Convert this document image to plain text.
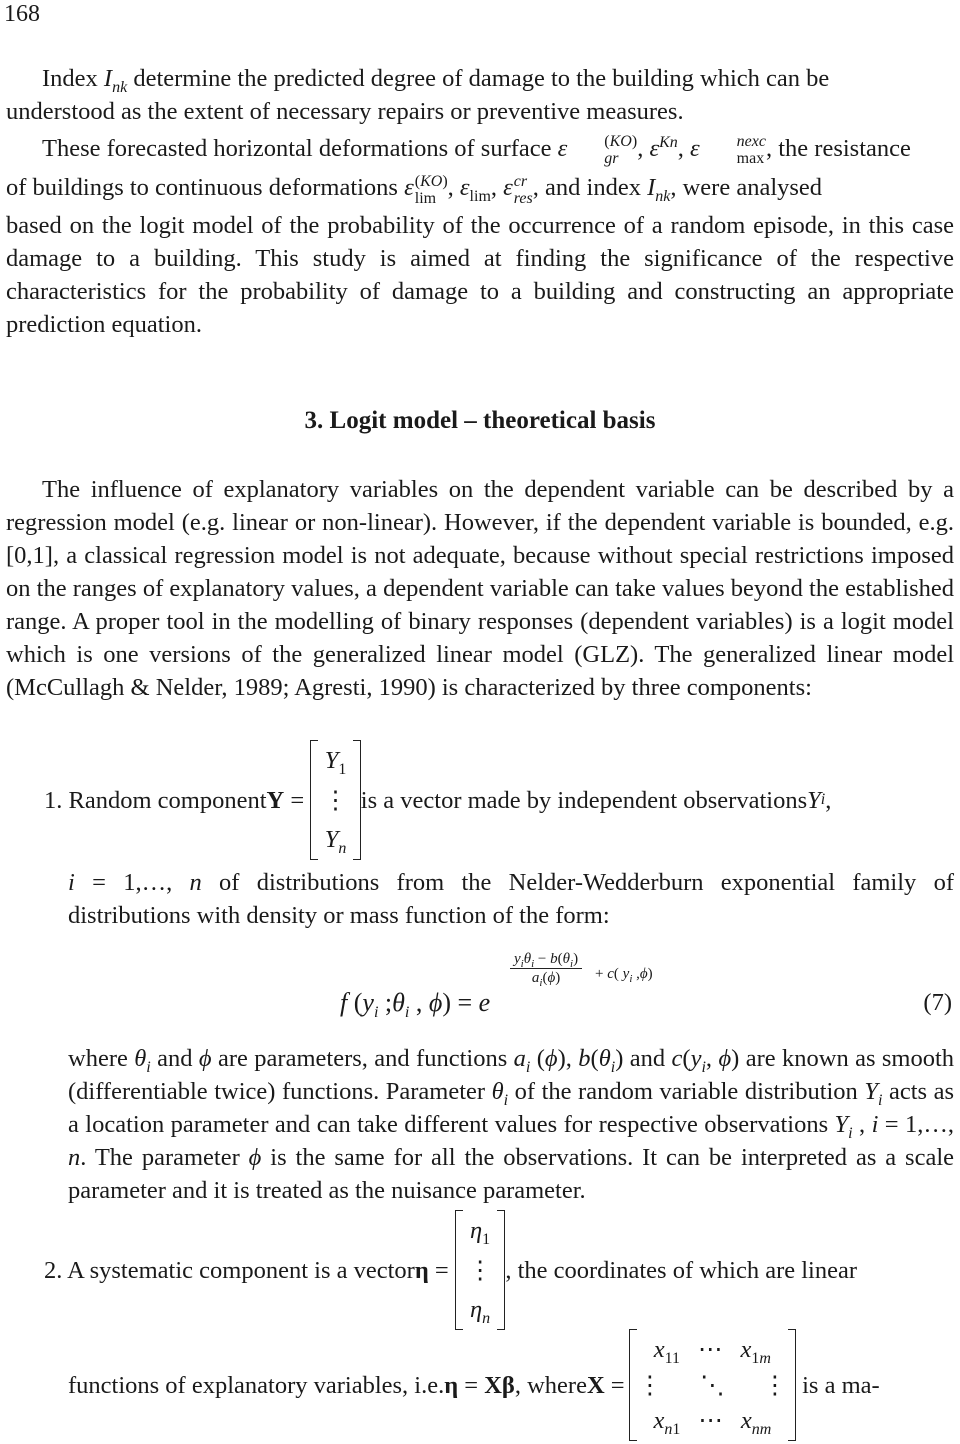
168

Index $I_{nk}$ determine the predicted degree of damage to the building which can be

understood as the extent of necessary repairs or preventive measures.

These forecasted horizontal deformations of surface ε	(KO)
gr , $\varepsilon^{Kn}$, ε	nexc
max , the resistance

of buildings to continuous deformations ε (KO)
lim , $\varepsilon_{lim}$, ε cr
res , and index $I_{nk}$, were analysed

based on the logit model of the probability of the occurrence of a random episode, in this case damage to a building. This study is aimed at finding the significance of the respective characteristics for the probability of damage to a building and constructing an appropriate prediction equation.

3. Logit model – theoretical basis

The influence of explanatory variables on the dependent variable can be described by a regression model (e.g. linear or non-linear). However, if the dependent variable is bounded, e.g. [0,1], a classical regression model is not adequate, because without special restrictions imposed on the ranges of explanatory values, a dependent variable can take values beyond the established range. A proper tool in the modelling of binary responses (dependent variables) is a logit model which is one versions of the generalized linear model (GLZ). The generalized linear model (McCullagh & Nelder, 1989; Agresti, 1990) is characterized by three components:

1. Random component Y =
$Y_1$
⋮
$Y_n$
is a vector made by independent observations Y i ,

i = 1,…, n of distributions from the Nelder-Wedderburn exponential family of distributions with density or mass function of the form:

f ($y_i$ $;\theta_i$ , ϕ) = e
$y_i\theta_i - b(\theta_i)$
$a_i(\phi)$	+ c( $y_i$ ,ϕ)
(7)

where $\theta_i$ and ϕ are parameters, and functions $a_i$ (ϕ), $b(\theta_i)$ and $c(y_i$, ϕ) are known as smooth (differentiable twice) functions. Parameter $\theta_i$ of the random variable distribution $Y_i$ acts as a location parameter and can take different values for respective observations $Y_i$ , i = 1,…, n. The parameter ϕ is the same for all the observations. It can be interpreted as a scale parameter and it is treated as the nuisance parameter.

2. A systematic component is a vector η =
$\eta_1$
⋮
$\eta_n$
, the coordinates of which are linear
functions of explanatory variables, i.e. η = Xβ , where X =
$x_{11}$ ⋯ $x_{1m}$
⋮ ⋱ ⋮
$x_{n1}$ ⋯ $x_{nm}$
is a ma-
